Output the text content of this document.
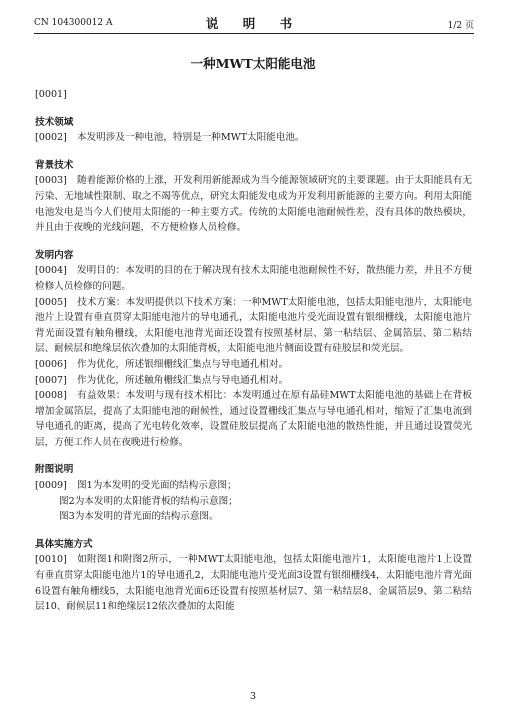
CN 104300012 A	说 明 书	1/2 页
一种MWT太阳能电池

[0001]

技术领域

[0002] 本发明涉及一种电池，特别是一种MWT太阳能电池。

背景技术

[0003] 随着能源价格的上涨，开发利用新能源成为当今能源领域研究的主要课题。由于太阳能具有无污染、无地域性限制、取之不竭等优点，研究太阳能发电成为开发利用新能源的主要方向。利用太阳能电池发电是当今人们使用太阳能的一种主要方式。传统的太阳能电池耐候性差，没有具体的散热模块，并且由于夜晚的光线问题，不方便检修人员检修。

发明内容

[0004] 发明目的：本发明的目的在于解决现有技术太阳能电池耐候性不好，散热能力差，并且不方便检修人员检修的问题。

[0005] 技术方案：本发明提供以下技术方案：一种MWT太阳能电池，包括太阳能电池片，太阳能电池片上设置有垂直贯穿太阳能电池片的导电通孔，太阳能电池片受光面设置有银细栅线，太阳能电池片背光面设置有触角栅线，太阳能电池背光面还设置有按照基材层、第一粘结层、金属箔层、第二粘结层、耐候层和绝缘层依次叠加的太阳能背板，太阳能电池片侧面设置有硅胶层和荧光层。

[0006] 作为优化，所述银细栅线汇集点与导电通孔相对。

[0007] 作为优化，所述触角栅线汇集点与导电通孔相对。

[0008] 有益效果：本发明与现有技术相比：本发明通过在原有晶硅MWT太阳能电池的基础上在背板增加金属箔层，提高了太阳能电池的耐候性，通过设置栅线汇集点与导电通孔相对，缩短了汇集电流到导电通孔的距离，提高了光电转化效率，设置硅胶层提高了太阳能电池的散热性能，并且通过设置荧光层，方便工作人员在夜晚进行检修。

附图说明

[0009] 图1为本发明的受光面的结构示意图；

图2为本发明的太阳能背板的结构示意图；

图3为本发明的背光面的结构示意图。

具体实施方式

[0010] 如附图1和附图2所示，一种MWT太阳能电池，包括太阳能电池片1，太阳能电池片1上设置有垂直贯穿太阳能电池片1的导电通孔2，太阳能电池片受光面3设置有银细栅线4，太阳能电池片背光面6设置有触角栅线5，太阳能电池背光面6还设置有按照基材层7、第一粘结层8、金属箔层9、第二粘结层10、耐候层11和绝缘层12依次叠加的太阳能

3
